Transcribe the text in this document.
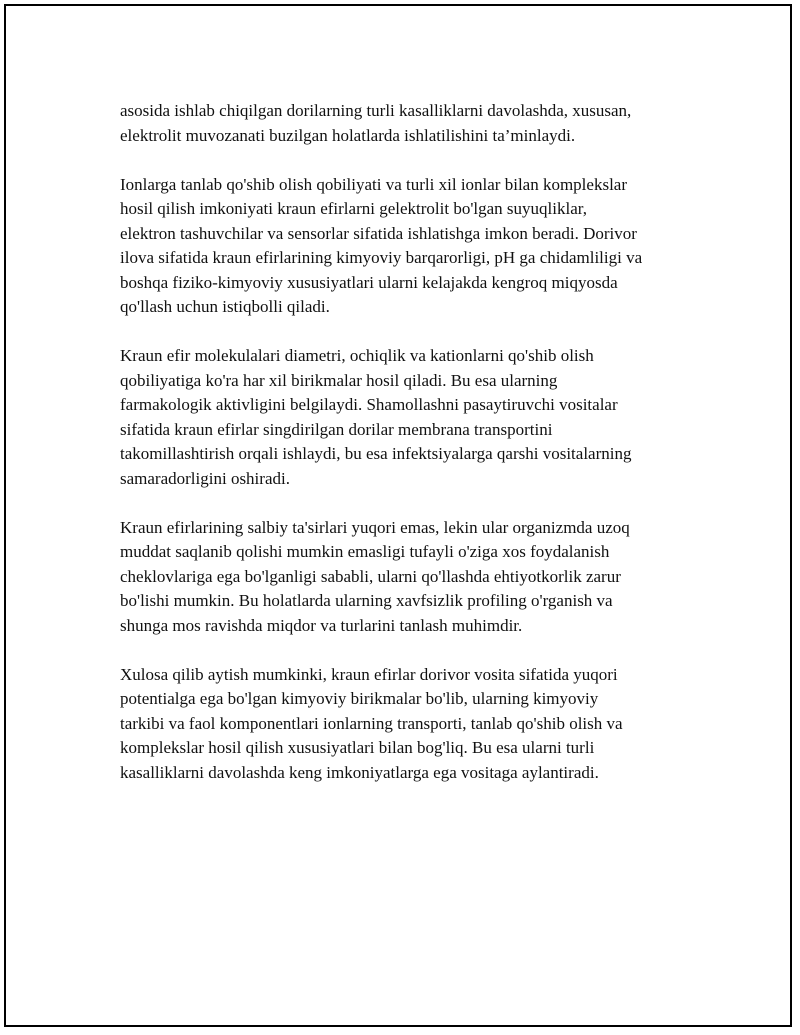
asosida ishlab chiqilgan dorilarning turli kasalliklarni davolashda, xususan,
elektrolit muvozanati buzilgan holatlarda ishlatilishini ta’minlaydi.

Ionlarga tanlab qo'shib olish qobiliyati va turli xil ionlar bilan komplekslar
hosil qilish imkoniyati kraun efirlarni gelektrolit bo'lgan suyuqliklar,
elektron tashuvchilar va sensorlar sifatida ishlatishga imkon beradi. Dorivor
ilova sifatida kraun efirlarining kimyoviy barqarorligi, pH ga chidamliligi va
boshqa fiziko-kimyoviy xususiyatlari ularni kelajakda kengroq miqyosda
qo'llash uchun istiqbolli qiladi.

Kraun efir molekulalari diametri, ochiqlik va kationlarni qo'shib olish
qobiliyatiga ko'ra har xil birikmalar hosil qiladi. Bu esa ularning
farmakologik aktivligini belgilaydi. Shamollashni pasaytiruvchi vositalar
sifatida kraun efirlar singdirilgan dorilar membrana transportini
takomillashtirish orqali ishlaydi, bu esa infektsiyalarga qarshi vositalarning
samaradorligini oshiradi.

Kraun efirlarining salbiy ta'sirlari yuqori emas, lekin ular organizmda uzoq
muddat saqlanib qolishi mumkin emasligi tufayli o'ziga xos foydalanish
cheklovlariga ega bo'lganligi sababli, ularni qo'llashda ehtiyotkorlik zarur
bo'lishi mumkin. Bu holatlarda ularning xavfsizlik profiling o'rganish va
shunga mos ravishda miqdor va turlarini tanlash muhimdir.

Xulosa qilib aytish mumkinki, kraun efirlar dorivor vosita sifatida yuqori
potentialga ega bo'lgan kimyoviy birikmalar bo'lib, ularning kimyoviy
tarkibi va faol komponentlari ionlarning transporti, tanlab qo'shib olish va
komplekslar hosil qilish xususiyatlari bilan bog'liq. Bu esa ularni turli
kasalliklarni davolashda keng imkoniyatlarga ega vositaga aylantiradi.
